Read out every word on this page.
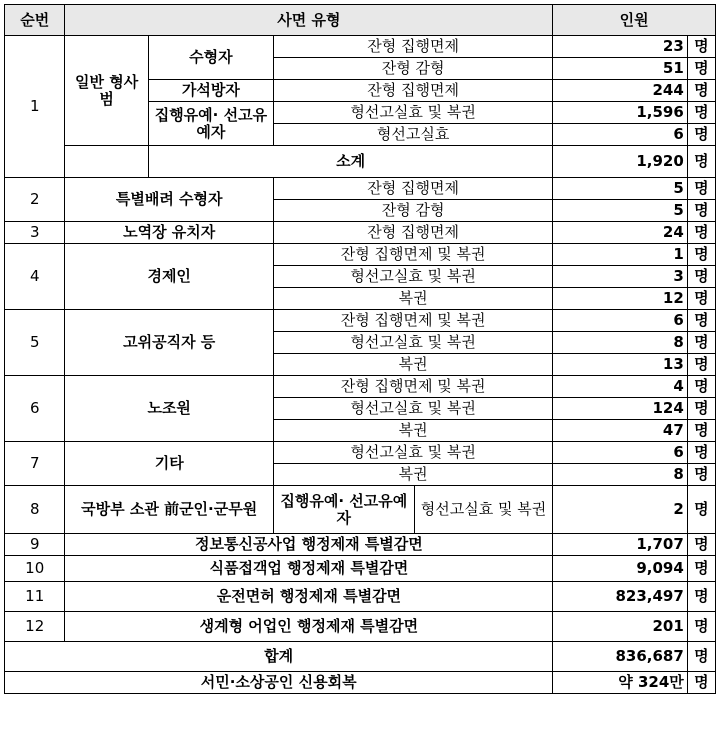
순번	사면 유형				인원	
1	일반 형사범	수형자	잔형 집행면제		23	명
			잔형 감형		51	명
		가석방자	잔형 집행면제		244	명
		집행유예· 선고유예자	형선고실효 및 복권		1,596	명
			형선고실효		6	명
		소계			1,920	명
2	특별배려 수형자		잔형 집행면제		5	명
			잔형 감형		5	명
3	노역장 유치자		잔형 집행면제		24	명
4	경제인		잔형 집행면제 및 복권		1	명
			형선고실효 및 복권		3	명
			복권		12	명
5	고위공직자 등		잔형 집행면제 및 복권		6	명
			형선고실효 및 복권		8	명
			복권		13	명
6	노조원		잔형 집행면제 및 복권		4	명
			형선고실효 및 복권		124	명
			복권		47	명
7	기타		형선고실효 및 복권		6	명
			복권		8	명
8	국방부 소관 前군인·군무원		집행유예· 선고유예자	형선고실효 및 복권	2	명
9	정보통신공사업 행정제재 특별감면				1,707	명
10	식품접객업 행정제재 특별감면				9,094	명
11	운전면허 행정제재 특별감면				823,497	명
12	생계형 어업인 행정제재 특별감면				201	명
합계					836,687	명
서민·소상공인 신용회복					약 324만	명
